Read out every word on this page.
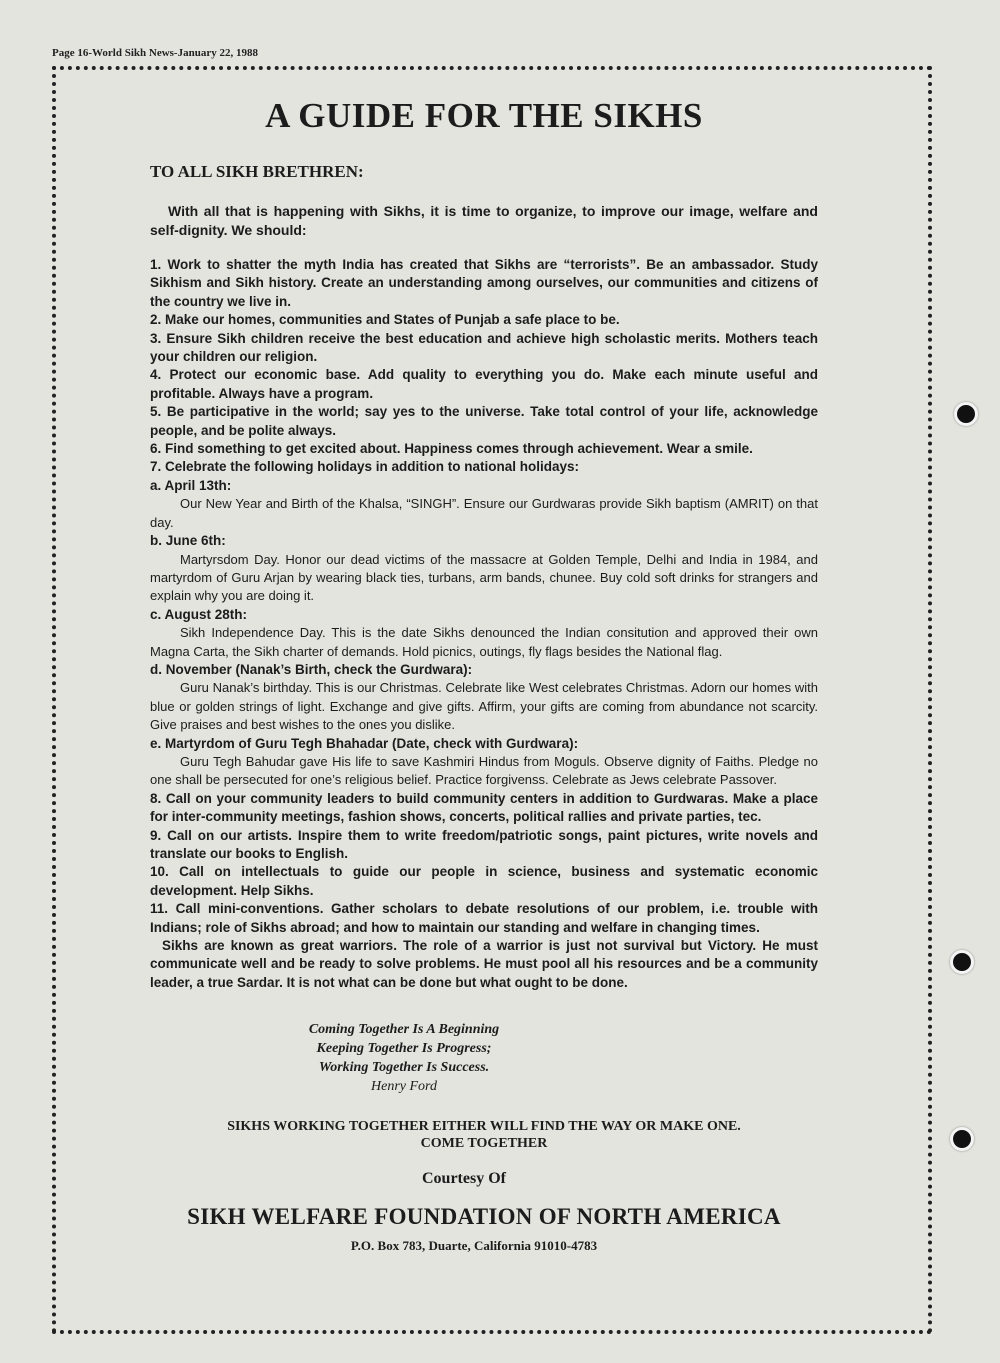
Page 16-World Sikh News-January 22, 1988
A GUIDE FOR THE SIKHS

TO ALL SIKH BRETHREN:

With all that is happening with Sikhs, it is time to organize, to improve our image, welfare and self-dignity. We should:

1. Work to shatter the myth India has created that Sikhs are “terrorists”. Be an ambassador. Study Sikhism and Sikh history. Create an understanding among ourselves, our communities and citizens of the country we live in.

2. Make our homes, communities and States of Punjab a safe place to be.

3. Ensure Sikh children receive the best education and achieve high scholastic merits. Mothers teach your children our religion.

4. Protect our economic base. Add quality to everything you do. Make each minute useful and profitable. Always have a program.

5. Be participative in the world; say yes to the universe. Take total control of your life, acknowledge people, and be polite always.

6. Find something to get excited about. Happiness comes through achievement. Wear a smile.

7. Celebrate the following holidays in addition to national holidays:

a. April 13th:

Our New Year and Birth of the Khalsa, “SINGH”. Ensure our Gurdwaras provide Sikh baptism (AMRIT) on that day.

b. June 6th:

Martyrsdom Day. Honor our dead victims of the massacre at Golden Temple, Delhi and India in 1984, and martyrdom of Guru Arjan by wearing black ties, turbans, arm bands, chunee. Buy cold soft drinks for strangers and explain why you are doing it.

c. August 28th:

Sikh Independence Day. This is the date Sikhs denounced the Indian consitution and approved their own Magna Carta, the Sikh charter of demands. Hold picnics, outings, fly flags besides the National flag.

d. November (Nanak’s Birth, check the Gurdwara):

Guru Nanak’s birthday. This is our Christmas. Celebrate like West celebrates Christmas. Adorn our homes with blue or golden strings of light. Exchange and give gifts. Affirm, your gifts are coming from abundance not scarcity. Give praises and best wishes to the ones you dislike.

e. Martyrdom of Guru Tegh Bhahadar (Date, check with Gurdwara):

Guru Tegh Bahudar gave His life to save Kashmiri Hindus from Moguls. Observe dignity of Faiths. Pledge no one shall be persecuted for one’s religious belief. Practice forgivenss. Celebrate as Jews celebrate Passover.

8. Call on your community leaders to build community centers in addition to Gurdwaras. Make a place for inter-community meetings, fashion shows, concerts, political rallies and private parties, tec.

9. Call on our artists. Inspire them to write freedom/patriotic songs, paint pictures, write novels and translate our books to English.

10. Call on intellectuals to guide our people in science, business and systematic economic development. Help Sikhs.

11. Call mini-conventions. Gather scholars to debate resolutions of our problem, i.e. trouble with Indians; role of Sikhs abroad; and how to maintain our standing and welfare in changing times.

Sikhs are known as great warriors. The role of a warrior is just not survival but Victory. He must communicate well and be ready to solve problems. He must pool all his resources and be a community leader, a true Sardar. It is not what can be done but what ought to be done.

Coming Together Is A Beginning
Keeping Together Is Progress;
Working Together Is Success.
Henry Ford
SIKHS WORKING TOGETHER EITHER WILL FIND THE WAY OR MAKE ONE.
COME TOGETHER
Courtesy Of
SIKH WELFARE FOUNDATION OF NORTH AMERICA
P.O. Box 783, Duarte, California 91010-4783
